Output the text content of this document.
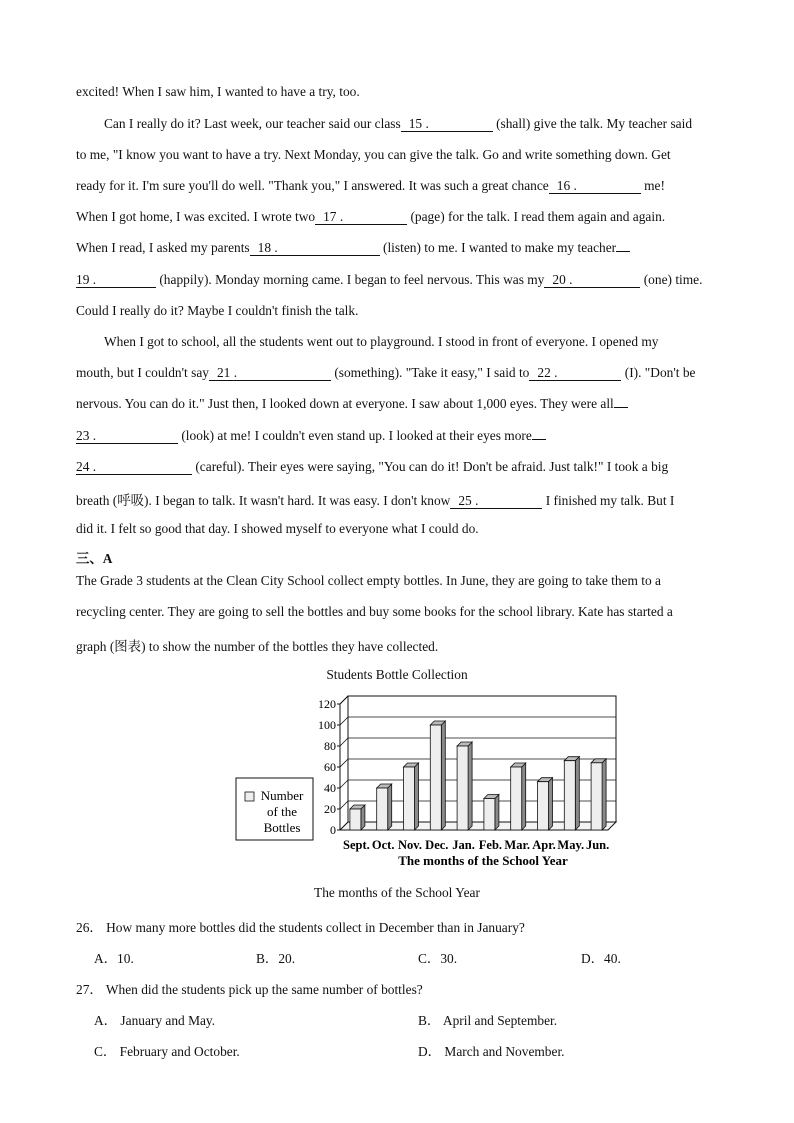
excited! When I saw him, I wanted to have a try, too.
Can I really do it? Last week, our teacher said our class 15 .	(shall) give the talk. My teacher said
to me, "I know you want to have a try. Next Monday, you can give the talk. Go and write something down. Get
ready for it. I'm sure you'll do well. "Thank you," I answered. It was such a great chance 16 .	me!
When I got home, I was excited. I wrote two 17 .	(page) for the talk. I read them again and again.
When I read, I asked my parents 18 .	(listen) to me. I wanted to make my teacher
19 .	(happily). Monday morning came. I began to feel nervous. This was my 20 .	(one) time.
Could I really do it? Maybe I couldn't finish the talk.
When I got to school, all the students went out to playground. I stood in front of everyone. I opened my
mouth, but I couldn't say 21 .	(something). "Take it easy," I said to 22 .	(I). "Don't be
nervous. You can do it." Just then, I looked down at everyone. I saw about 1,000 eyes. They were all
23 .	(look) at me! I couldn't even stand up. I looked at their eyes more
24 .	(careful). Their eyes were saying, "You can do it! Don't be afraid. Just talk!" I took a big
breath (呼吸). I began to talk. It wasn't hard. It was easy. I don't know 25 .	I finished my talk. But I
did it. I felt so good that day. I showed myself to everyone what I could do.
三、A
The Grade 3 students at the Clean City School collect empty bottles. In June, they are going to take them to a
recycling center. They are going to sell the bottles and buy some books for the school library. Kate has started a
graph (图表) to show the number of the bottles they have collected.
Students Bottle Collection
0
20
40
60
80
100
120
Sept. Oct. Nov. Dec. Jan. Feb. Mar. Apr. May. Jun.
Number
of the
Bottles
The months of the School Year
The months of the School Year
26． How many more bottles did the students collect in December than in January?
A．10.	B．20.	C．30.	D．40.
27． When did the students pick up the same number of bottles?
A． January and May.	B． April and September.
C． February and October.	D． March and November.
